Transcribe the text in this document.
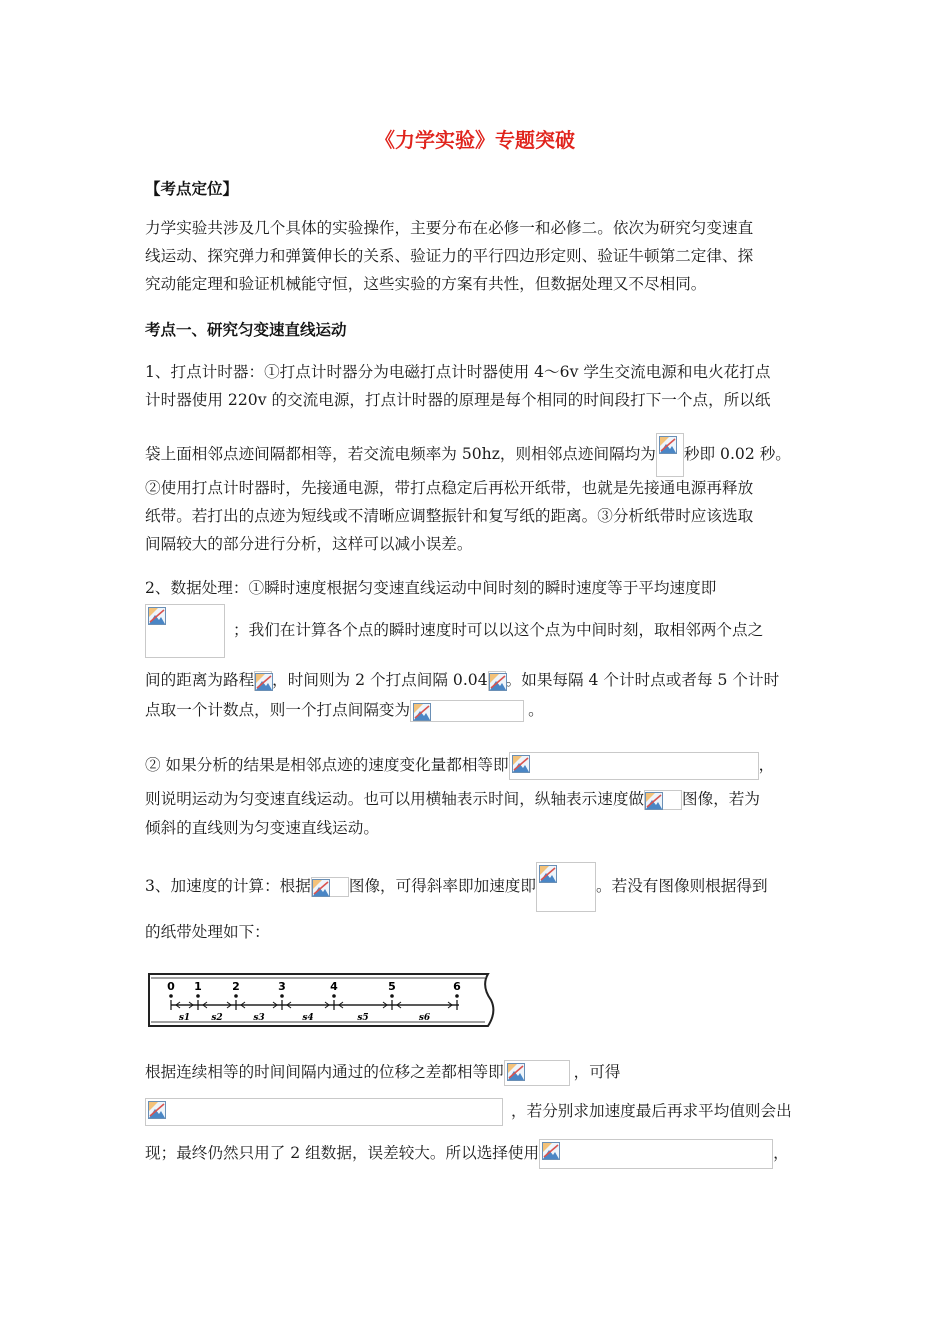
《力学实验》专题突破
【考点定位】
力学实验共涉及几个具体的实验操作，主要分布在必修一和必修二。依次为研究匀变速直
线运动、探究弹力和弹簧伸长的关系、验证力的平行四边形定则、验证牛顿第二定律、探
究动能定理和验证机械能守恒，这些实验的方案有共性，但数据处理又不尽相同。
考点一、研究匀变速直线运动
1、打点计时器：①打点计时器分为电磁打点计时器使用 4～6v 学生交流电源和电火花打点
计时器使用 220v 的交流电源，打点计时器的原理是每个相同的时间段打下一个点，所以纸
袋上面相邻点迹间隔都相等，若交流电频率为 50hz，则相邻点迹间隔均为 秒即 0.02 秒。
②使用打点计时器时，先接通电源，带打点稳定后再松开纸带，也就是先接通电源再释放
纸带。若打出的点迹为短线或不清晰应调整振针和复写纸的距离。③分析纸带时应该选取
间隔较大的部分进行分析，这样可以减小误差。
2、数据处理：①瞬时速度根据匀变速直线运动中间时刻的瞬时速度等于平均速度即
；我们在计算各个点的瞬时速度时可以以这个点为中间时刻，取相邻两个点之
间的距离为路程 ，时间则为 2 个打点间隔 0.04 。如果每隔 4 个计时点或者每 5 个计时
点取一个计数点，则一个打点间隔变为	。
② 如果分析的结果是相邻点迹的速度变化量都相等即	，
则说明运动为匀变速直线运动。也可以用横轴表示时间，纵轴表示速度做 图像，若为
倾斜的直线则为匀变速直线运动。
3、加速度的计算：根据 图像，可得斜率即加速度即	。若没有图像则根据得到
的纸带处理如下：
0 1	2	3	4	5	6
s1 s2	s3	s4	s5	s6
根据连续相等的时间间隔内通过的位移之差都相等即	，可得
，若分别求加速度最后再求平均值则会出
现；最终仍然只用了 2 组数据，误差较大。所以选择使用	，
